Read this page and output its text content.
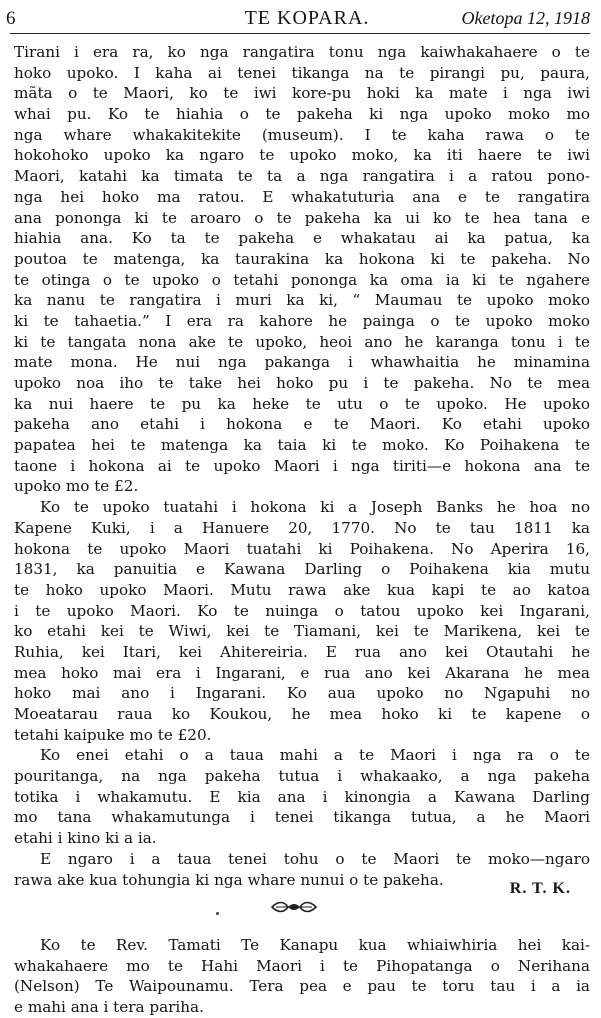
6	TE KOPARA.	Oketopa 12, 1918
Tirani i era ra, ko nga rangatira tonu nga kaiwhakahaere o te
hoko upoko. I kaha ai tenei tikanga na te pirangi pu, paura,
mãta o te Maori, ko te iwi kore-pu hoki ka mate i nga iwi
whai pu. Ko te hiahia o te pakeha ki nga upoko moko mo
nga whare whakakitekite (museum). I te kaha rawa o te
hokohoko upoko ka ngaro te upoko moko, ka iti haere te iwi
Maori, katahi ka timata te ta a nga rangatira i a ratou pono-
nga hei hoko ma ratou. E whakatuturia ana e te rangatira
ana pononga ki te aroaro o te pakeha ka ui ko te hea tana e
hiahia ana. Ko ta te pakeha e whakatau ai ka patua, ka
poutoa te matenga, ka taurakina ka hokona ki te pakeha. No
te otinga o te upoko o tetahi pononga ka oma ia ki te ngahere
ka nanu te rangatira i muri ka ki, “ Maumau te upoko moko
ki te tahaetia.” I era ra kahore he painga o te upoko moko
ki te tangata nona ake te upoko, heoi ano he karanga tonu i te
mate mona. He nui nga pakanga i whawhaitia he minamina
upoko noa iho te take hei hoko pu i te pakeha. No te mea
ka nui haere te pu ka heke te utu o te upoko. He upoko
pakeha ano etahi i hokona e te Maori. Ko etahi upoko
papatea hei te matenga ka taia ki te moko. Ko Poihakena te
taone i hokona ai te upoko Maori i nga tiriti—e hokona ana te
upoko mo te £2.
Ko te upoko tuatahi i hokona ki a Joseph Banks he hoa no
Kapene Kuki, i a Hanuere 20, 1770. No te tau 1811 ka
hokona te upoko Maori tuatahi ki Poihakena. No Aperira 16,
1831, ka panuitia e Kawana Darling o Poihakena kia mutu
te hoko upoko Maori. Mutu rawa ake kua kapi te ao katoa
i te upoko Maori. Ko te nuinga o tatou upoko kei Ingarani,
ko etahi kei te Wiwi, kei te Tiamani, kei te Marikena, kei te
Ruhia, kei Itari, kei Ahitereiria. E rua ano kei Otautahi he
mea hoko mai era i Ingarani, e rua ano kei Akarana he mea
hoko mai ano i Ingarani. Ko aua upoko no Ngapuhi no
Moeatarau raua ko Koukou, he mea hoko ki te kapene o
tetahi kaipuke mo te £20.
Ko enei etahi o a taua mahi a te Maori i nga ra o te
pouritanga, na nga pakeha tutua i whakaako, a nga pakeha
totika i whakamutu. E kia ana i kinongia a Kawana Darling
mo tana whakamutunga i tenei tikanga tutua, a he Maori
etahi i kino ki a ia.
E ngaro i a taua tenei tohu o te Maori te moko—ngaro
rawa ake kua tohungia ki nga whare nunui o te pakeha.	R. T. K.
Ko te Rev. Tamati Te Kanapu kua whiaiwhiria hei kai-
whakahaere mo te Hahi Maori i te Pihopatanga o Nerihana
(Nelson) Te Waipounamu. Tera pea e pau te toru tau i a ia
e mahi ana i tera pariha.
